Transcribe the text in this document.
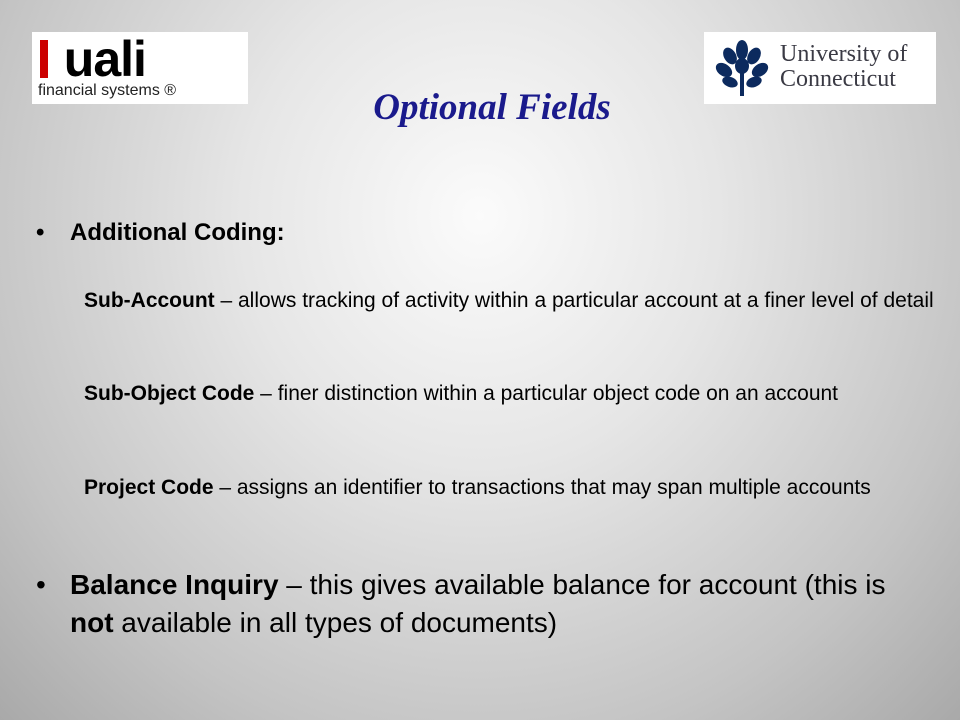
uali
financial systems ®
University of
Connecticut
Optional Fields
• Additional Coding:
Sub-Account – allows tracking of activity within a particular account at a finer level of detail
Sub-Object Code – finer distinction within a particular object code on an account
Project Code – assigns an identifier to transactions that may span multiple accounts
• Balance Inquiry – this gives available balance for account (this is not available in all types of documents)
